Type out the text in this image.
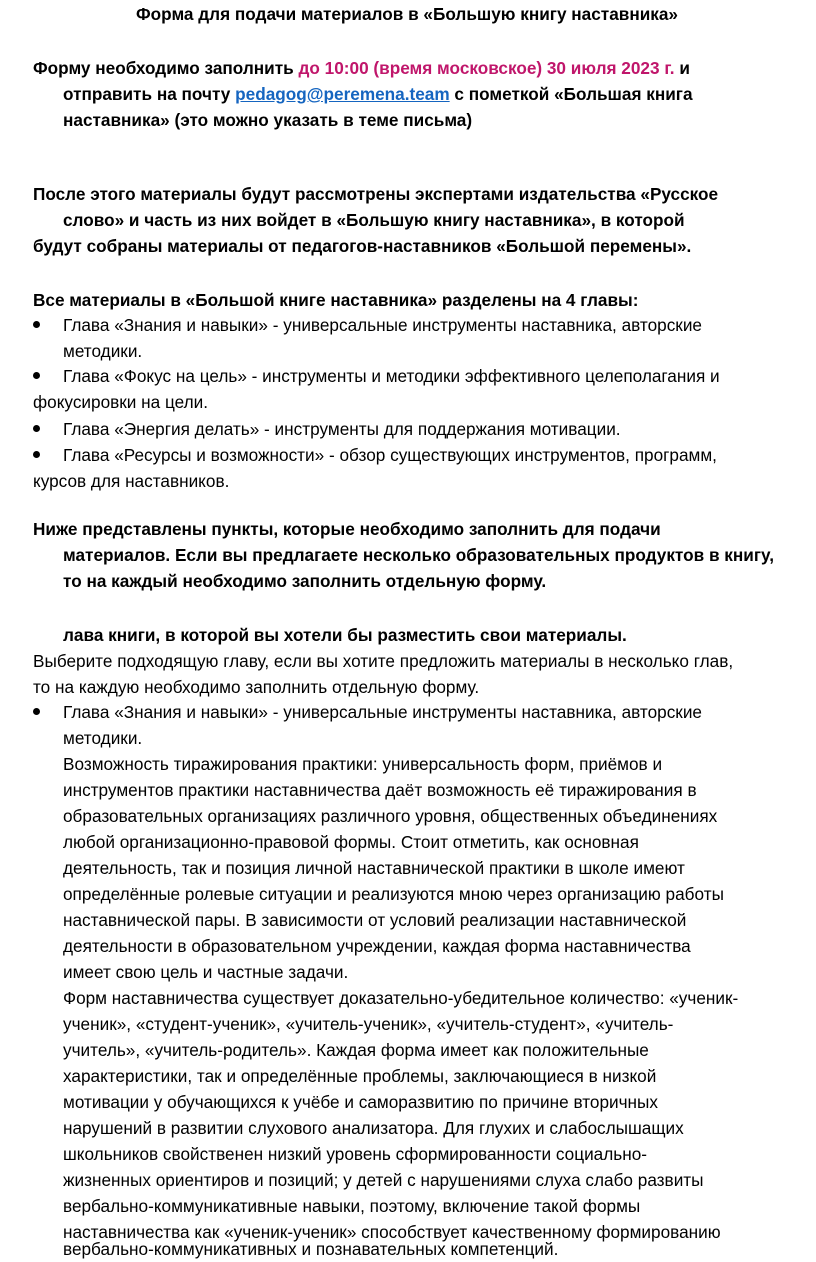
Форма для подачи материалов в «Большую книгу наставника»
Форму необходимо заполнить до 10:00 (время московское) 30 июля 2023 г. и
отправить на почту pedagog@peremena.team с пометкой «Большая книга
наставника» (это можно указать в теме письма)
После этого материалы будут рассмотрены экспертами издательства «Русское
слово» и часть из них войдет в «Большую книгу наставника», в которой
будут собраны материалы от педагогов-наставников «Большой перемены».
Все материалы в «Большой книге наставника» разделены на 4 главы:
Глава «Знания и навыки» - универсальные инструменты наставника, авторские
методики.
Глава «Фокус на цель» - инструменты и методики эффективного целеполагания и
фокусировки на цели.
Глава «Энергия делать» - инструменты для поддержания мотивации.
Глава «Ресурсы и возможности» - обзор существующих инструментов, программ,
курсов для наставников.
Ниже представлены пункты, которые необходимо заполнить для подачи
материалов. Если вы предлагаете несколько образовательных продуктов в книгу,
то на каждый необходимо заполнить отдельную форму.
лава книги, в которой вы хотели бы разместить свои материалы.
Выберите подходящую главу, если вы хотите предложить материалы в несколько глав,
то на каждую необходимо заполнить отдельную форму.
Глава «Знания и навыки» - универсальные инструменты наставника, авторские
методики.
Возможность тиражирования практики: универсальность форм, приёмов и
инструментов практики наставничества даёт возможность её тиражирования в
образовательных организациях различного уровня, общественных объединениях
любой организационно-правовой формы. Стоит отметить, как основная
деятельность, так и позиция личной наставнической практики в школе имеют
определённые ролевые ситуации и реализуются мною через организацию работы
наставнической пары. В зависимости от условий реализации наставнической
деятельности в образовательном учреждении, каждая форма наставничества
имеет свою цель и частные задачи.
Форм наставничества существует доказательно-убедительное количество: «ученик-
ученик», «студент-ученик», «учитель-ученик», «учитель-студент», «учитель-
учитель», «учитель-родитель». Каждая форма имеет как положительные
характеристики, так и определённые проблемы, заключающиеся в низкой
мотивации у обучающихся к учёбе и саморазвитию по причине вторичных
нарушений в развитии слухового анализатора. Для глухих и слабослышащих
школьников свойственен низкий уровень сформированности социально-
жизненных ориентиров и позиций; у детей с нарушениями слуха слабо развиты
вербально-коммуникативные навыки, поэтому, включение такой формы
наставничества как «ученик-ученик» способствует качественному формированию
вербально-коммуникативных и познавательных компетенций.
